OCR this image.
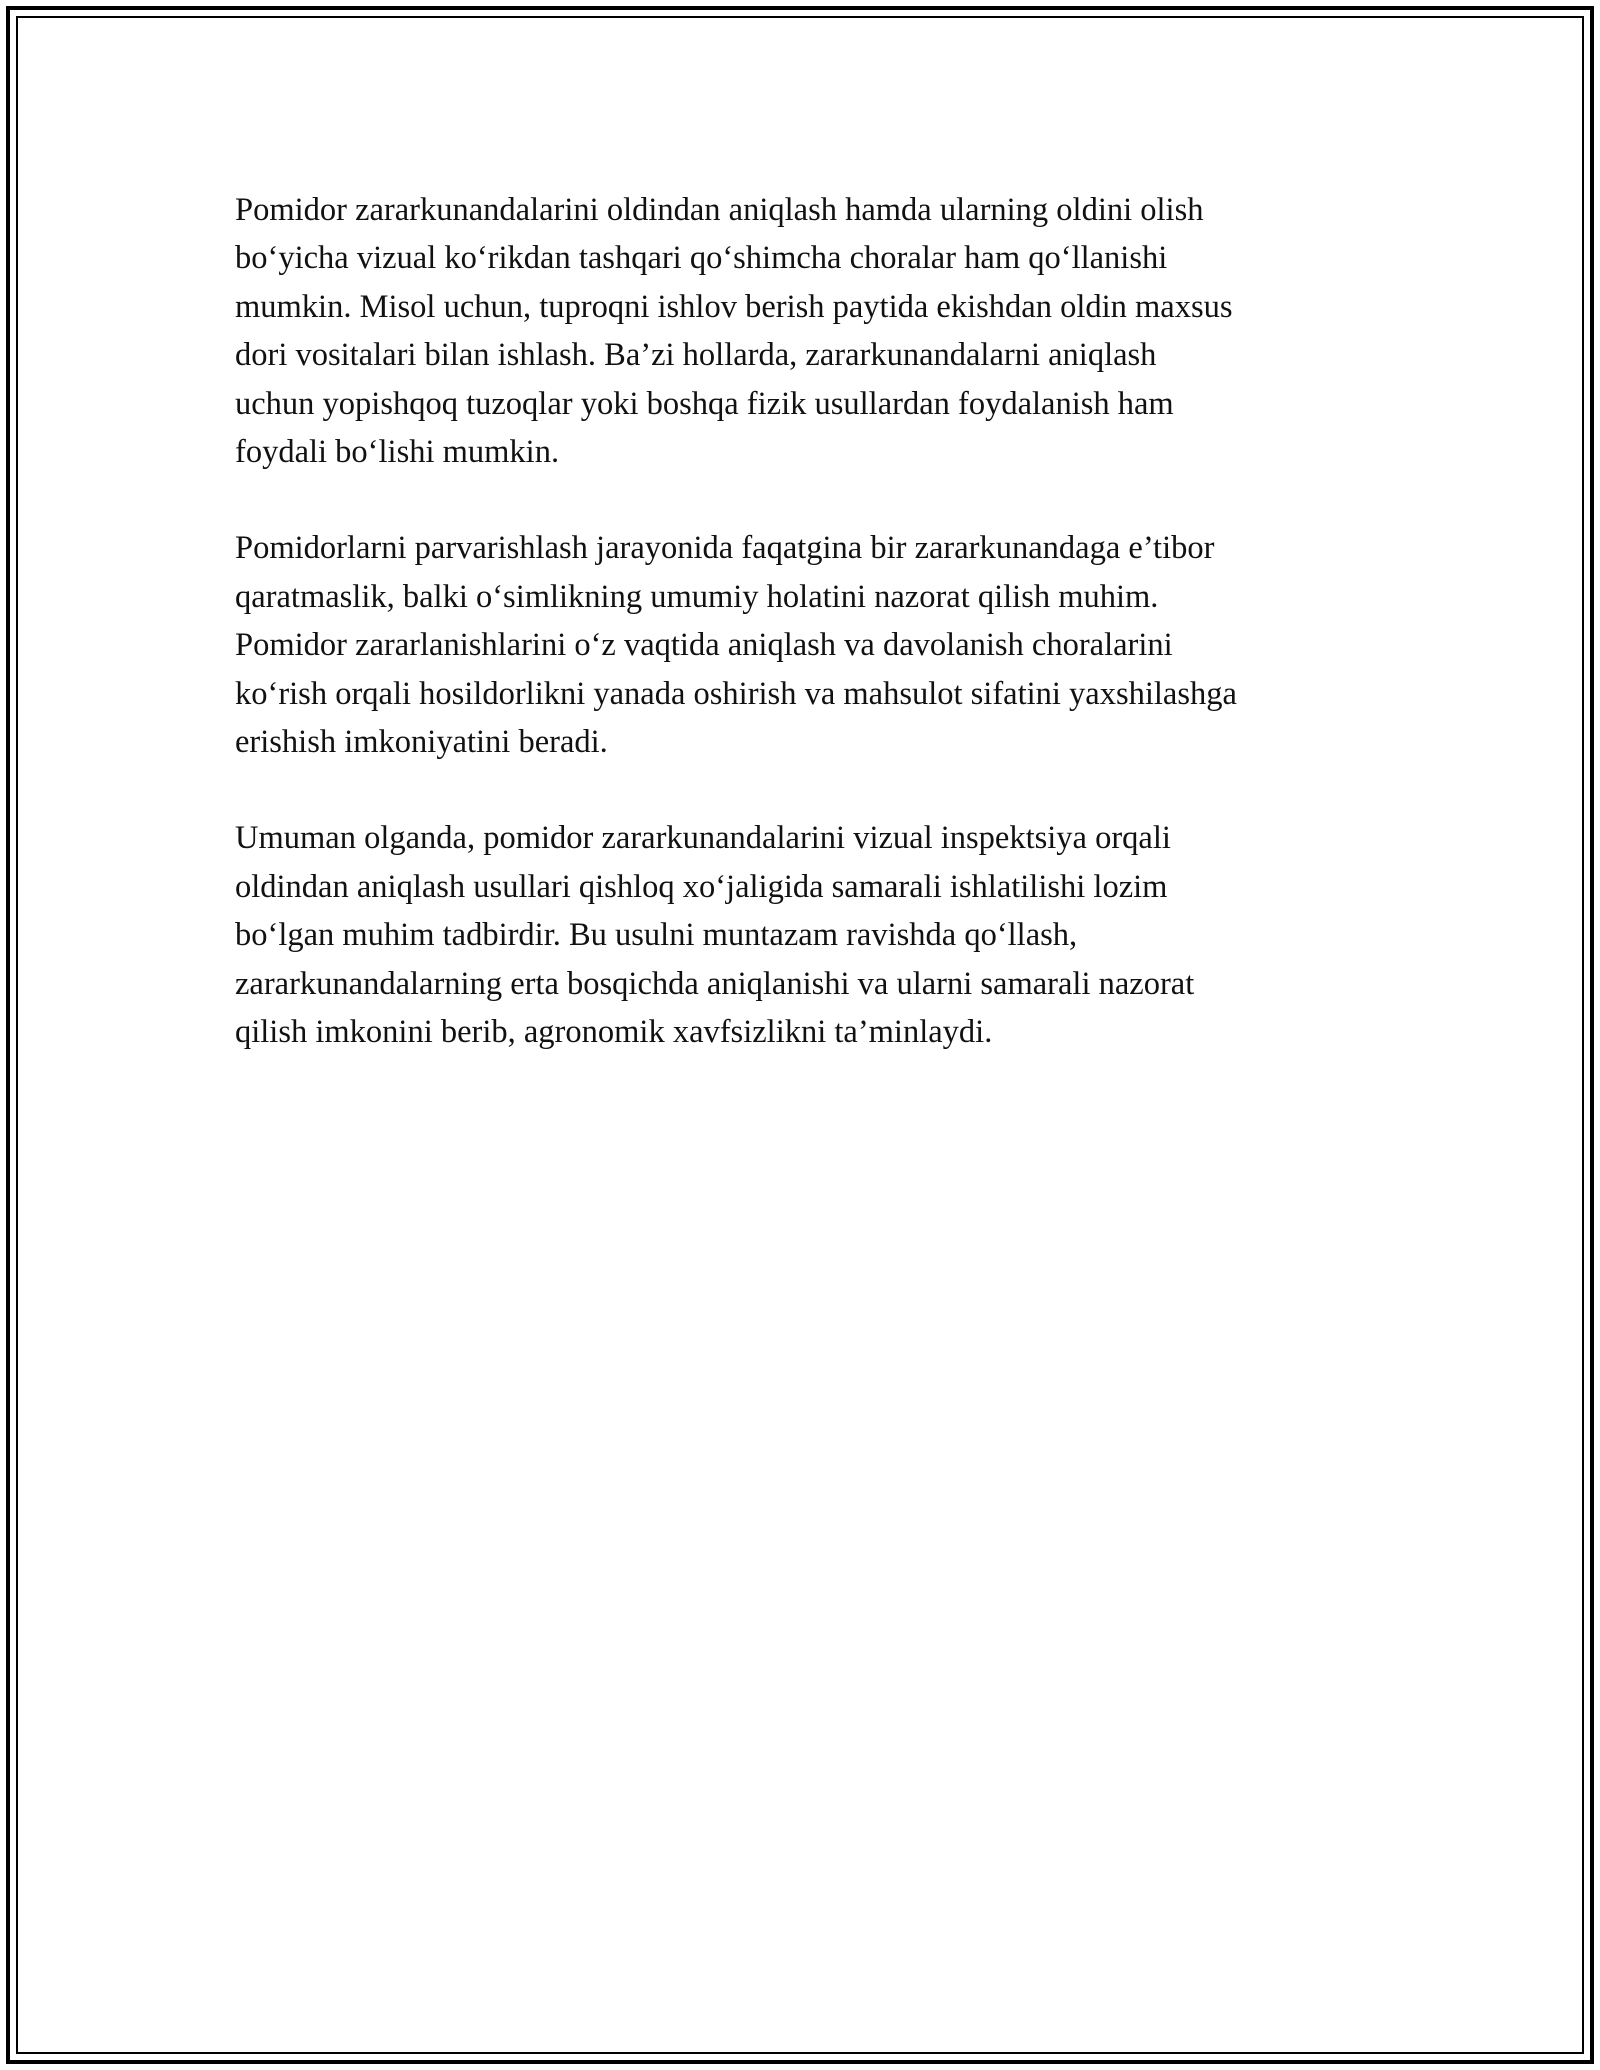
Pomidor zararkunandalarini oldindan aniqlash hamda ularning oldini olish
bo‘yicha vizual ko‘rikdan tashqari qo‘shimcha choralar ham qo‘llanishi
mumkin. Misol uchun, tuproqni ishlov berish paytida ekishdan oldin maxsus
dori vositalari bilan ishlash. Ba’zi hollarda, zararkunandalarni aniqlash
uchun yopishqoq tuzoqlar yoki boshqa fizik usullardan foydalanish ham
foydali bo‘lishi mumkin.

Pomidorlarni parvarishlash jarayonida faqatgina bir zararkunandaga e’tibor
qaratmaslik, balki o‘simlikning umumiy holatini nazorat qilish muhim.
Pomidor zararlanishlarini o‘z vaqtida aniqlash va davolanish choralarini
ko‘rish orqali hosildorlikni yanada oshirish va mahsulot sifatini yaxshilashga
erishish imkoniyatini beradi.

Umuman olganda, pomidor zararkunandalarini vizual inspektsiya orqali
oldindan aniqlash usullari qishloq xo‘jaligida samarali ishlatilishi lozim
bo‘lgan muhim tadbirdir. Bu usulni muntazam ravishda qo‘llash,
zararkunandalarning erta bosqichda aniqlanishi va ularni samarali nazorat
qilish imkonini berib, agronomik xavfsizlikni ta’minlaydi.
